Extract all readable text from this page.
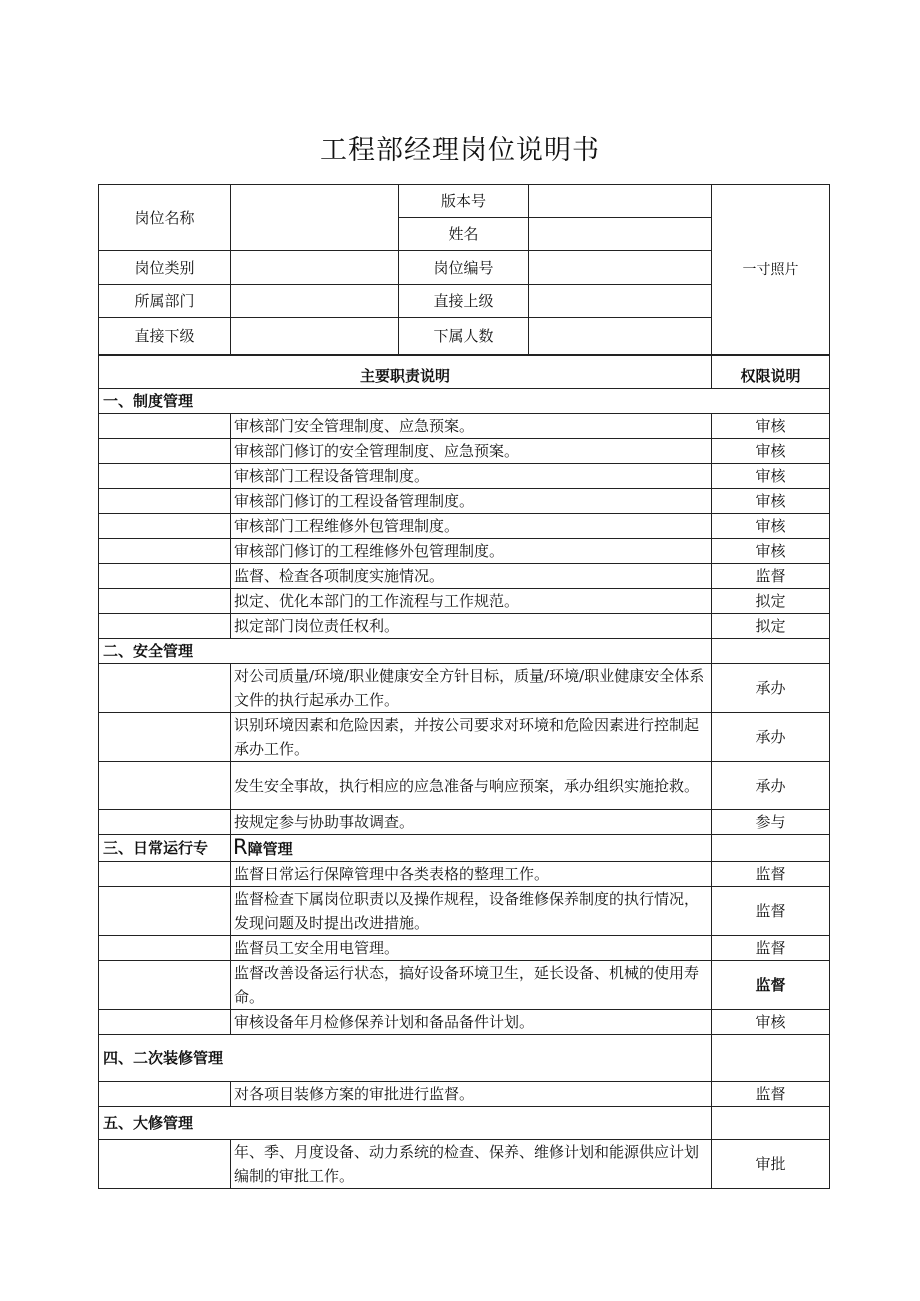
工程部经理岗位说明书
岗位名称		版本号		一寸照片
		姓名		
岗位类别		岗位编号		
所属部门		直接上级		
直接下级		下属人数		
主要职责说明		权限说明
一、制度管理		
	审核部门安全管理制度、应急预案。	审核
	审核部门修订的安全管理制度、应急预案。	审核
	审核部门工程设备管理制度。	审核
	审核部门修订的工程设备管理制度。	审核
	审核部门工程维修外包管理制度。	审核
	审核部门修订的工程维修外包管理制度。	审核
	监督、检查各项制度实施情况。	监督
	拟定、优化本部门的工作流程与工作规范。	拟定
	拟定部门岗位责任权利。	拟定
二、安全管理		
	对公司质量/环境/职业健康安全方针目标，质量/环境/职业健康安全体系文件的执行起承办工作。	承办
	识别环境因素和危险因素，并按公司要求对环境和危险因素进行控制起承办工作。	承办
	发生安全事故，执行相应的应急准备与响应预案，承办组织实施抢救。	承办
	按规定参与协助事故调查。	参与
三、日常运行专	R障管理	
	监督日常运行保障管理中各类表格的整理工作。	监督
	监督检查下属岗位职责以及操作规程，设备维修保养制度的执行情况，发现问题及时提出改进措施。	监督
	监督员工安全用电管理。	监督
	监督改善设备运行状态，搞好设备环境卫生，延长设备、机械的使用寿命。	监督
	审核设备年月检修保养计划和备品备件计划。	审核
四、二次装修管理		
	对各项目装修方案的审批进行监督。	监督
五、大修管理		
	年、季、月度设备、动力系统的检查、保养、维修计划和能源供应计划编制的审批工作。	审批
